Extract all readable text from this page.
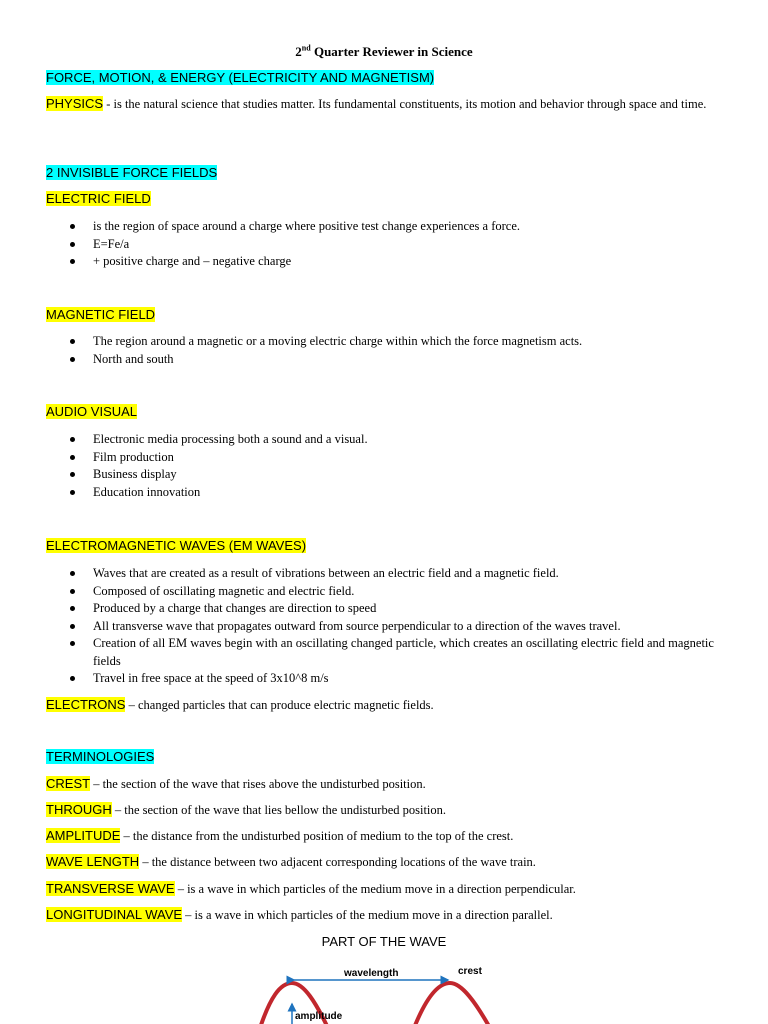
2nd Quarter Reviewer in Science

FORCE, MOTION, & ENERGY (ELECTRICITY AND MAGNETISM)

PHYSICS - is the natural science that studies matter. Its fundamental constituents, its motion and behavior through space and time.

2 INVISIBLE FORCE FIELDS

ELECTRIC FIELD

is the region of space around a charge where positive test change experiences a force.
E=Fe/a
+ positive charge and – negative charge

MAGNETIC FIELD

The region around a magnetic or a moving electric charge within which the force magnetism acts.
North and south

AUDIO VISUAL

Electronic media processing both a sound and a visual.
Film production
Business display
Education innovation

ELECTROMAGNETIC WAVES (EM WAVES)

Waves that are created as a result of vibrations between an electric field and a magnetic field.
Composed of oscillating magnetic and electric field.
Produced by a charge that changes are direction to speed
All transverse wave that propagates outward from source perpendicular to a direction of the waves travel.
Creation of all EM waves begin with an oscillating changed particle, which creates an oscillating electric field and magnetic fields
Travel in free space at the speed of 3x10^8 m/s

ELECTRONS – changed particles that can produce electric magnetic fields.

TERMINOLOGIES

CREST – the section of the wave that rises above the undisturbed position.

THROUGH – the section of the wave that lies bellow the undisturbed position.

AMPLITUDE – the distance from the undisturbed position of medium to the top of the crest.

WAVE LENGTH – the distance between two adjacent corresponding locations of the wave train.

TRANSVERSE WAVE – is a wave in which particles of the medium move in a direction perpendicular.

LONGITUDINAL WAVE – is a wave in which particles of the medium move in a direction parallel.

PART OF THE WAVE
wavelength	crest
amplitude
